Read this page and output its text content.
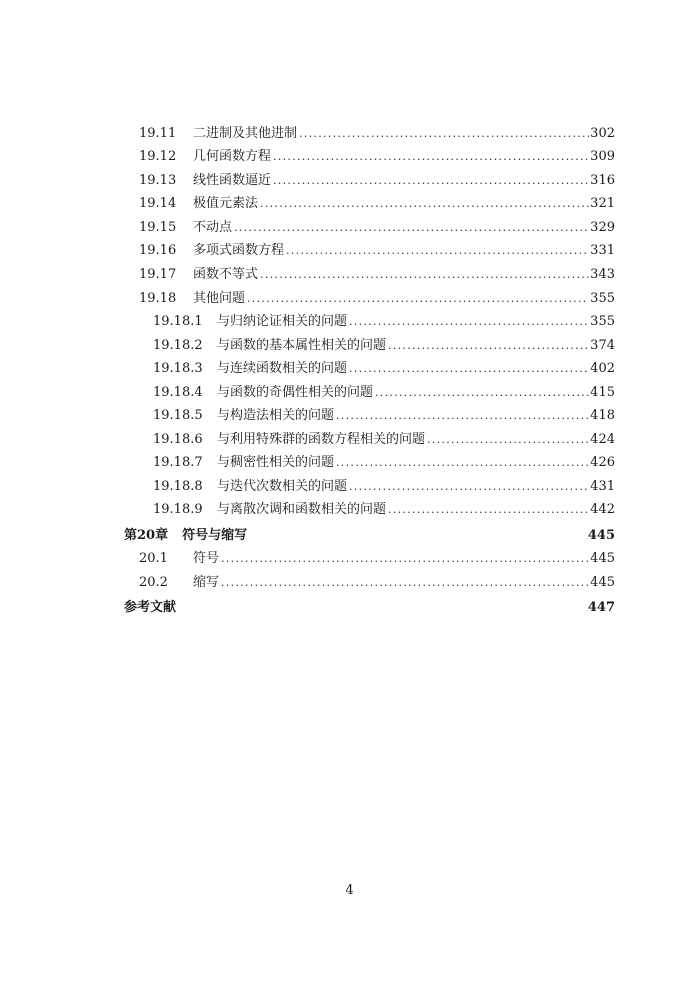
19.11	二进制及其他进制 .....	302
19.12	几何函数方程 .....	309
19.13	线性函数逼近 .....	316
19.14	极值元素法 .....	321
19.15	不动点 .....	329
19.16	多项式函数方程 .....	331
19.17	函数不等式 .....	343
19.18	其他问题 .....	355
19.18.1	与归纳论证相关的问题 .....	355
19.18.2	与函数的基本属性相关的问题 .....	374
19.18.3	与连续函数相关的问题 .....	402
19.18.4	与函数的奇偶性相关的问题 .....	415
19.18.5	与构造法相关的问题 .....	418
19.18.6	与利用特殊群的函数方程相关的问题 .....	424
19.18.7	与稠密性相关的问题 .....	426
19.18.8	与迭代次数相关的问题 .....	431
19.18.9	与离散次调和函数相关的问题 .....	442
第20章	符号与缩写	445
20.1	符号 .....	445
20.2	缩写 .....	445
参考文献	447
4
